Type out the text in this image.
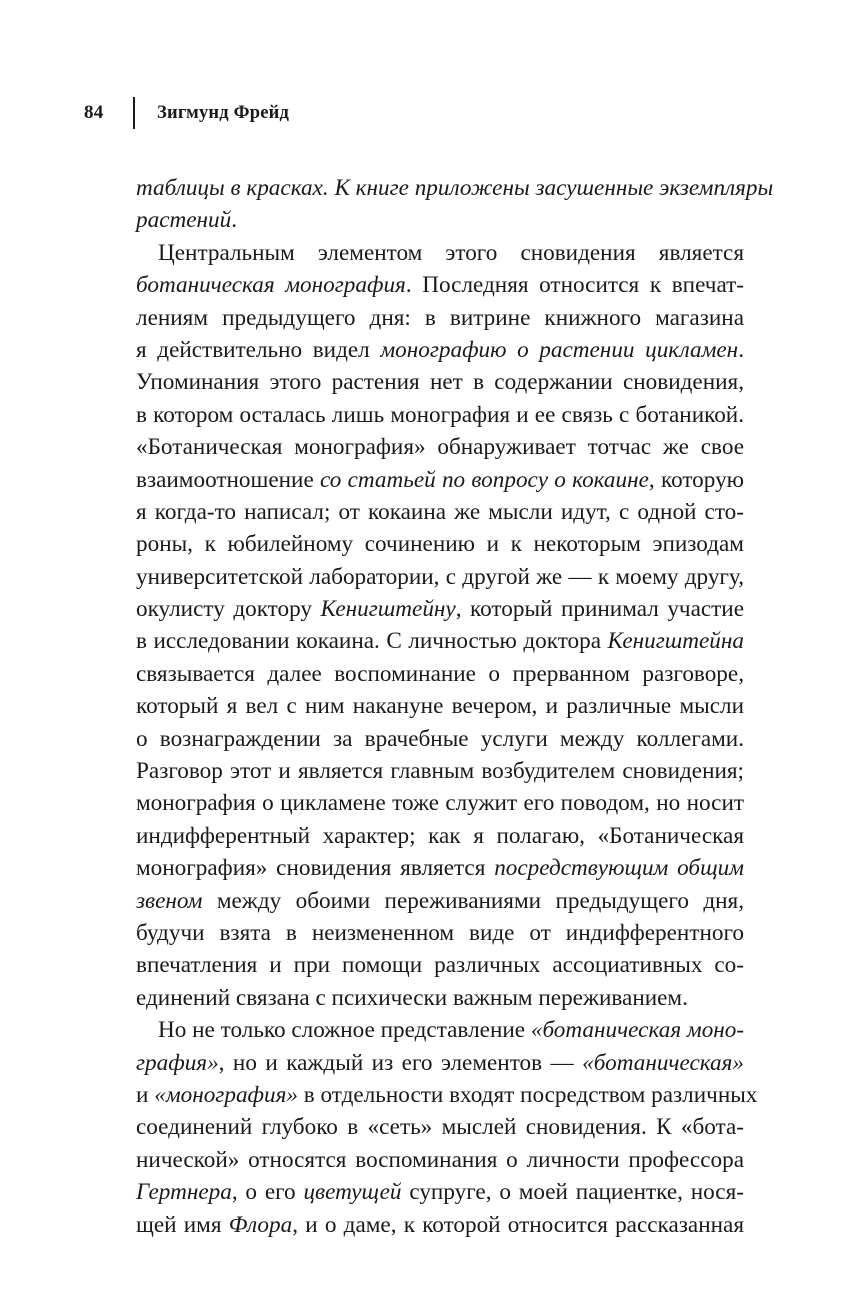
84	Зигмунд Фрейд
таблицы в красках. К книге приложены засушенные экземпляры
растений.
Центральным элементом этого сновидения является
ботаническая монография. Последняя относится к впечат-
лениям предыдущего дня: в витрине книжного магазина
я действительно видел монографию о растении цикламен.
Упоминания этого растения нет в содержании сновидения,
в котором осталась лишь монография и ее связь с ботаникой.
«Ботаническая монография» обнаруживает тотчас же свое
взаимоотношение со статьей по вопросу о кокаине, которую
я когда-то написал; от кокаина же мысли идут, с одной сто-
роны, к юбилейному сочинению и к некоторым эпизодам
университетской лаборатории, с другой же — к моему другу,
окулисту доктору Кенигштейну, который принимал участие
в исследовании кокаина. С личностью доктора Кенигштейна
связывается далее воспоминание о прерванном разговоре,
который я вел с ним накануне вечером, и различные мысли
о вознаграждении за врачебные услуги между коллегами.
Разговор этот и является главным возбудителем сновидения;
монография о цикламене тоже служит его поводом, но носит
индифферентный характер; как я полагаю, «Ботаническая
монография» сновидения является посредствующим общим
звеном между обоими переживаниями предыдущего дня,
будучи взята в неизмененном виде от индифферентного
впечатления и при помощи различных ассоциативных со-
единений связана с психически важным переживанием.
Но не только сложное представление «ботаническая моно-
графия», но и каждый из его элементов — «ботаническая»
и «монография» в отдельности входят посредством различных
соединений глубоко в «сеть» мыслей сновидения. К «бота-
нической» относятся воспоминания о личности профессора
Гертнера, о его цветущей супруге, о моей пациентке, нося-
щей имя Флора, и о даме, к которой относится рассказанная
